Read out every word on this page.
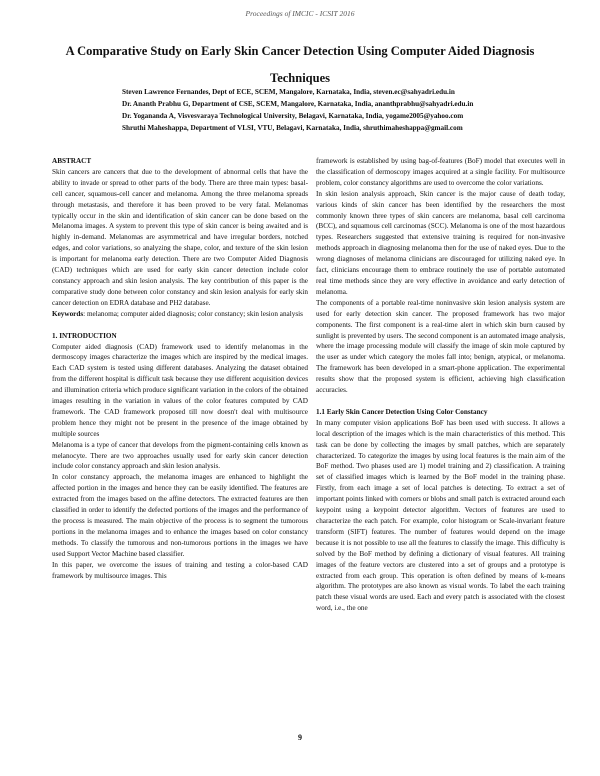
Proceedings of IMCIC - ICSIT 2016
A Comparative Study on Early Skin Cancer Detection Using Computer Aided Diagnosis Techniques
Steven Lawrence Fernandes, Dept of ECE, SCEM, Mangalore, Karnataka, India, steven.ec@sahyadri.edu.in
Dr. Ananth Prabhu G, Department of CSE, SCEM, Mangalore, Karnataka, India, ananthprabhu@sahyadri.edu.in
Dr. Yogananda A, Visvesvaraya Technological University, Belagavi, Karnataka, India, yogame2005@yahoo.com
Shruthi Maheshappa, Department of VLSI, VTU, Belagavi, Karnataka, India, shruthimaheshappa@gmail.com

ABSTRACT

Skin cancers are cancers that due to the development of abnormal cells that have the ability to invade or spread to other parts of the body. There are three main types: basal-cell cancer, squamous-cell cancer and melanoma. Among the three melanoma spreads through metastasis, and therefore it has been proved to be very fatal. Melanomas typically occur in the skin and identification of skin cancer can be done based on the Melanoma images. A system to prevent this type of skin cancer is being awaited and is highly in-demand. Melanomas are asymmetrical and have irregular borders, notched edges, and color variations, so analyzing the shape, color, and texture of the skin lesion is important for melanoma early detection. There are two Computer Aided Diagnosis (CAD) techniques which are used for early skin cancer detection include color constancy approach and skin lesion analysis. The key contribution of this paper is the comparative study done between color constancy and skin lesion analysis for early skin cancer detection on EDRA database and PH2 database.

Keywords: melanoma; computer aided diagnosis; color constancy; skin lesion analysis

1. INTRODUCTION

Computer aided diagnosis (CAD) framework used to identify melanomas in the dermoscopy images characterize the images which are inspired by the medical images. Each CAD system is tested using different databases. Analyzing the dataset obtained from the different hospital is difficult task because they use different acquisition devices and illumination criteria which produce significant variation in the colors of the obtained images resulting in the variation in values of the color features computed by CAD framework. The CAD framework proposed till now doesn't deal with multisource problem hence they might not be present in the presence of the image obtained by multiple sources

Melanoma is a type of cancer that develops from the pigment-containing cells known as melanocyte. There are two approaches usually used for early skin cancer detection include color constancy approach and skin lesion analysis.

In color constancy approach, the melanoma images are enhanced to highlight the affected portion in the images and hence they can be easily identified. The features are extracted from the images based on the affine detectors. The extracted features are then classified in order to identify the defected portions of the images and the performance of the process is measured. The main objective of the process is to segment the tumorous portions in the melanoma images and to enhance the images based on color constancy methods. To classify the tumorous and non-tumorous portions in the images we have used Support Vector Machine based classifier.

In this paper, we overcome the issues of training and testing a color-based CAD framework by multisource images. This

framework is established by using bag-of-features (BoF) model that executes well in the classification of dermoscopy images acquired at a single facility. For multisource problem, color constancy algorithms are used to overcome the color variations.

In skin lesion analysis approach, Skin cancer is the major cause of death today, various kinds of skin cancer has been identified by the researchers the most commonly known three types of skin cancers are melanoma, basal cell carcinoma (BCC), and squamous cell carcinomas (SCC). Melanoma is one of the most hazardous types. Researchers suggested that extensive training is required for non-invasive methods approach in diagnosing melanoma then for the use of naked eyes. Due to the wrong diagnoses of melanoma clinicians are discouraged for utilizing naked eye. In fact, clinicians encourage them to embrace routinely the use of portable automated real time methods since they are very effective in avoidance and early detection of melanoma.

The components of a portable real-time noninvasive skin lesion analysis system are used for early detection skin cancer. The proposed framework has two major components. The first component is a real-time alert in which skin burn caused by sunlight is prevented by users. The second component is an automated image analysis, where the image processing module will classify the image of skin mole captured by the user as under which category the moles fall into; benign, atypical, or melanoma. The framework has been developed in a smart-phone application. The experimental results show that the proposed system is efficient, achieving high classification accuracies.

1.1 Early Skin Cancer Detection Using Color Constancy

In many computer vision applications BoF has been used with success. It allows a local description of the images which is the main characteristics of this method. This task can be done by collecting the images by small patches, which are separately characterized. To categorize the images by using local features is the main aim of the BoF method. Two phases used are 1) model training and 2) classification. A training set of classified images which is learned by the BoF model in the training phase. Firstly, from each image a set of local patches is detecting. To extract a set of important points linked with corners or blobs and small patch is extracted around each keypoint using a keypoint detector algorithm. Vectors of features are used to characterize the each patch. For example, color histogram or Scale-invariant feature transform (SIFT) features. The number of features would depend on the image because it is not possible to use all the features to classify the image. This difficulty is solved by the BoF method by defining a dictionary of visual features. All training images of the feature vectors are clustered into a set of groups and a prototype is extracted from each group. This operation is often defined by means of k-means algorithm. The prototypes are also known as visual words. To label the each training patch these visual words are used. Each and every patch is associated with the closest word, i.e., the one

9
